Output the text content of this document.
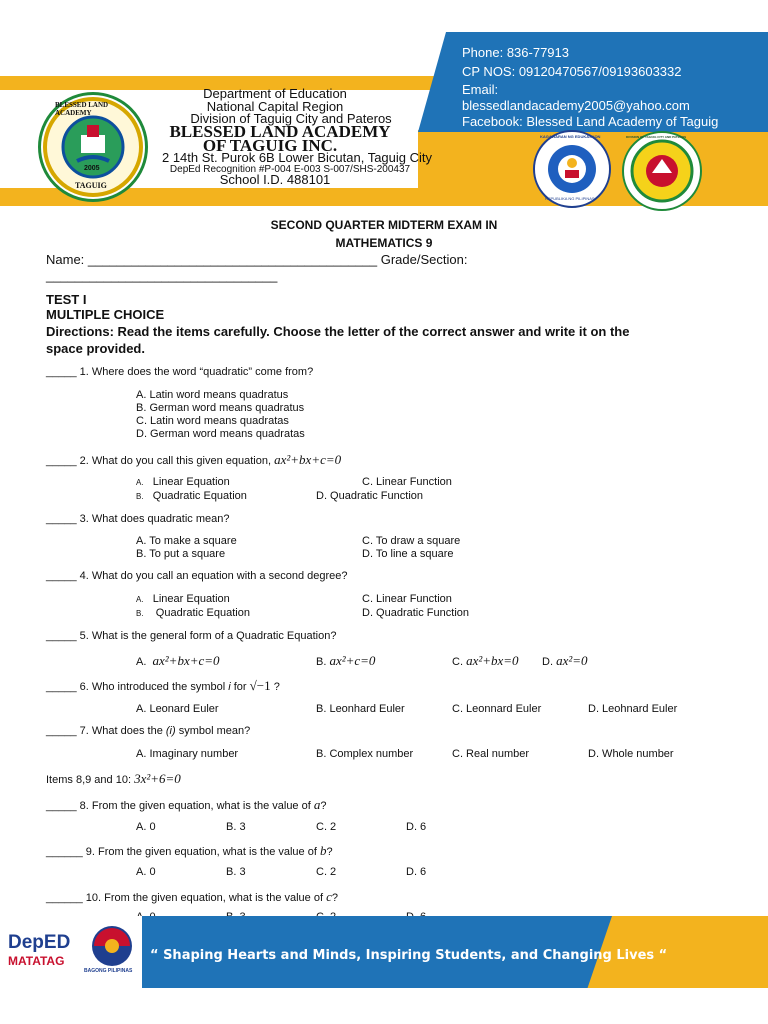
Phone: 836-77913
CP NOS: 09120470567/09193603332
Email:
blessedlandacademy2005@yahoo.com
Facebook: Blessed Land Academy of Taguig
BLESSED LAND ACADEMY
2005
TAGUIG
Department of Education
National Capital Region
Division of Taguig City and Pateros
BLESSED LAND ACADEMY
OF TAGUIG INC.
2 14th St. Purok 6B Lower Bicutan, Taguig City
DepEd Recognition #P-004 E-003 S-007/SHS-200437
School I.D. 488101
KAGAWARAN NG EDUKASYON
REPUBLIKA NG PILIPINAS
DIVISION OF TAGUIG CITY AND PATEROS
SECOND QUARTER MIDTERM EXAM IN
MATHEMATICS 9
Name: ________________________________________ Grade/Section:
________________________________
TEST I
MULTIPLE CHOICE
Directions: Read the items carefully. Choose the letter of the correct answer and write it on the
space provided.
_____ 1. Where does the word “quadratic” come from?
A. Latin word means quadratus
B. German word means quadratus
C. Latin word means quadratas
D. German word means quadratas
_____ 2. What do you call this given equation, ax²+bx+c=0
A. Linear Equation
B. Quadratic Equation
C. Linear Function
D. Quadratic Function
_____ 3. What does quadratic mean?
A. To make a square
B. To put a square
C. To draw a square
D. To line a square
_____ 4. What do you call an equation with a second degree?
A. Linear Equation
B.    Quadratic Equation
C. Linear Function
D. Quadratic Function
_____ 5. What is the general form of a Quadratic Equation?
A.  ax²+bx+c=0	B. ax²+c=0	C. ax²+bx=0 D. ax²=0
_____ 6. Who introduced the symbol i for √−1 ?
A. Leonard Euler	B. Leonhard Euler	C. Leonnard Euler	D. Leohnard Euler
_____ 7. What does the (i) symbol mean?
A. Imaginary number	B. Complex number	C. Real number	D. Whole number
Items 8,9 and 10: 3x²+6=0
_____ 8. From the given equation, what is the value of a?
A. 0	B. 3	C. 2	D. 6
______ 9. From the given equation, what is the value of b?
A. 0	B. 3	C. 2	D. 6
______ 10. From the given equation, what is the value of c?
DepED
MATATAG
BAGONG PILIPINAS
“ Shaping Hearts and Minds, Inspiring Students, and Changing Lives “
